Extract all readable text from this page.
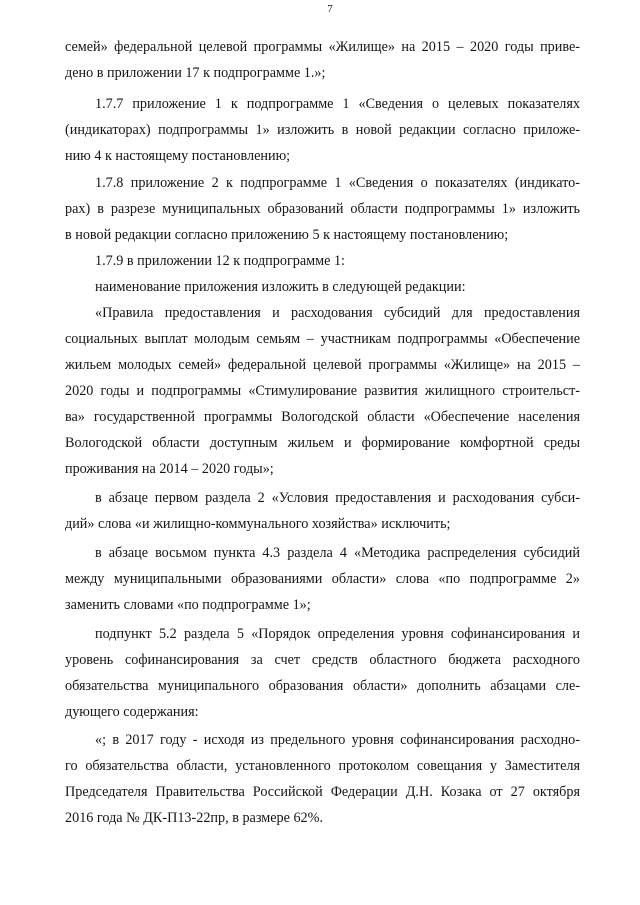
7
семей» федеральной целевой программы «Жилище» на 2015 – 2020 годы приве-
дено в приложении 17 к подпрограмме 1.»;
1.7.7 приложение 1 к подпрограмме 1 «Сведения о целевых показателях
(индикаторах) подпрограммы 1» изложить в новой редакции согласно приложе-
нию 4 к настоящему постановлению;
1.7.8 приложение 2 к подпрограмме 1 «Сведения о показателях (индикато-
рах) в разрезе муниципальных образований области подпрограммы 1» изложить
в новой редакции согласно приложению 5 к настоящему постановлению;
1.7.9 в приложении 12 к подпрограмме 1:
наименование приложения изложить в следующей редакции:
«Правила предоставления и расходования субсидий для предоставления
социальных выплат молодым семьям – участникам подпрограммы «Обеспечение
жильем молодых семей» федеральной целевой программы «Жилище» на 2015 –
2020 годы и подпрограммы «Стимулирование развития жилищного строительст-
ва» государственной программы Вологодской области «Обеспечение населения
Вологодской области доступным жильем и формирование комфортной среды
проживания на 2014 – 2020 годы»;
в абзаце первом раздела 2 «Условия предоставления и расходования субси-
дий» слова «и жилищно-коммунального хозяйства» исключить;
в абзаце восьмом пункта 4.3 раздела 4 «Методика распределения субсидий
между муниципальными образованиями области» слова «по подпрограмме 2»
заменить словами «по подпрограмме 1»;
подпункт 5.2 раздела 5 «Порядок определения уровня софинансирования и
уровень софинансирования за счет средств областного бюджета расходного
обязательства муниципального образования области» дополнить абзацами сле-
дующего содержания:
«; в 2017 году - исходя из предельного уровня софинансирования расходно-
го обязательства области, установленного протоколом совещания у Заместителя
Председателя Правительства Российской Федерации Д.Н. Козака от 27 октября
2016 года № ДК-П13-22пр, в размере 62%.
